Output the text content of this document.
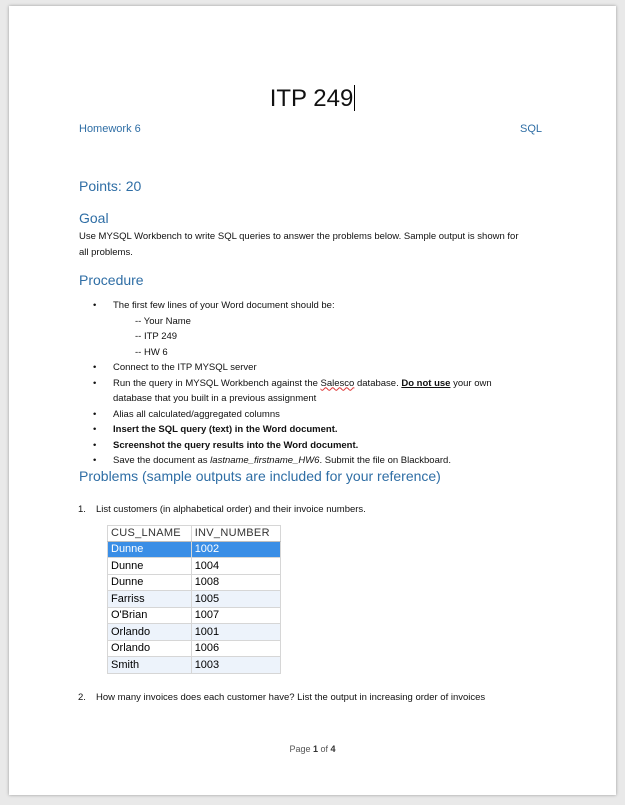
ITP 249
Homework 6	SQL
Points: 20
Goal
Use MYSQL Workbench to write SQL queries to answer the problems below. Sample output is shown for
all problems.
Procedure
• The first few lines of your Word document should be:
-- Your Name
-- ITP 249
-- HW 6
• Connect to the ITP MYSQL server
• Run the query in MYSQL Workbench against the Salesco database. Do not use your own
database that you built in a previous assignment
• Alias all calculated/aggregated columns
• Insert the SQL query (text) in the Word document.
• Screenshot the query results into the Word document.
• Save the document as lastname_firstname_HW6. Submit the file on Blackboard.
Problems (sample outputs are included for your reference)
1. List customers (in alphabetical order) and their invoice numbers.
	CUS_LNAME	INV_NUMBER
	Dunne	1002
	Dunne	1004
	Dunne	1008
	Farriss	1005
	O'Brian	1007
	Orlando	1001
	Orlando	1006
	Smith	1003
2. How many invoices does each customer have? List the output in increasing order of invoices
Page 1 of 4
